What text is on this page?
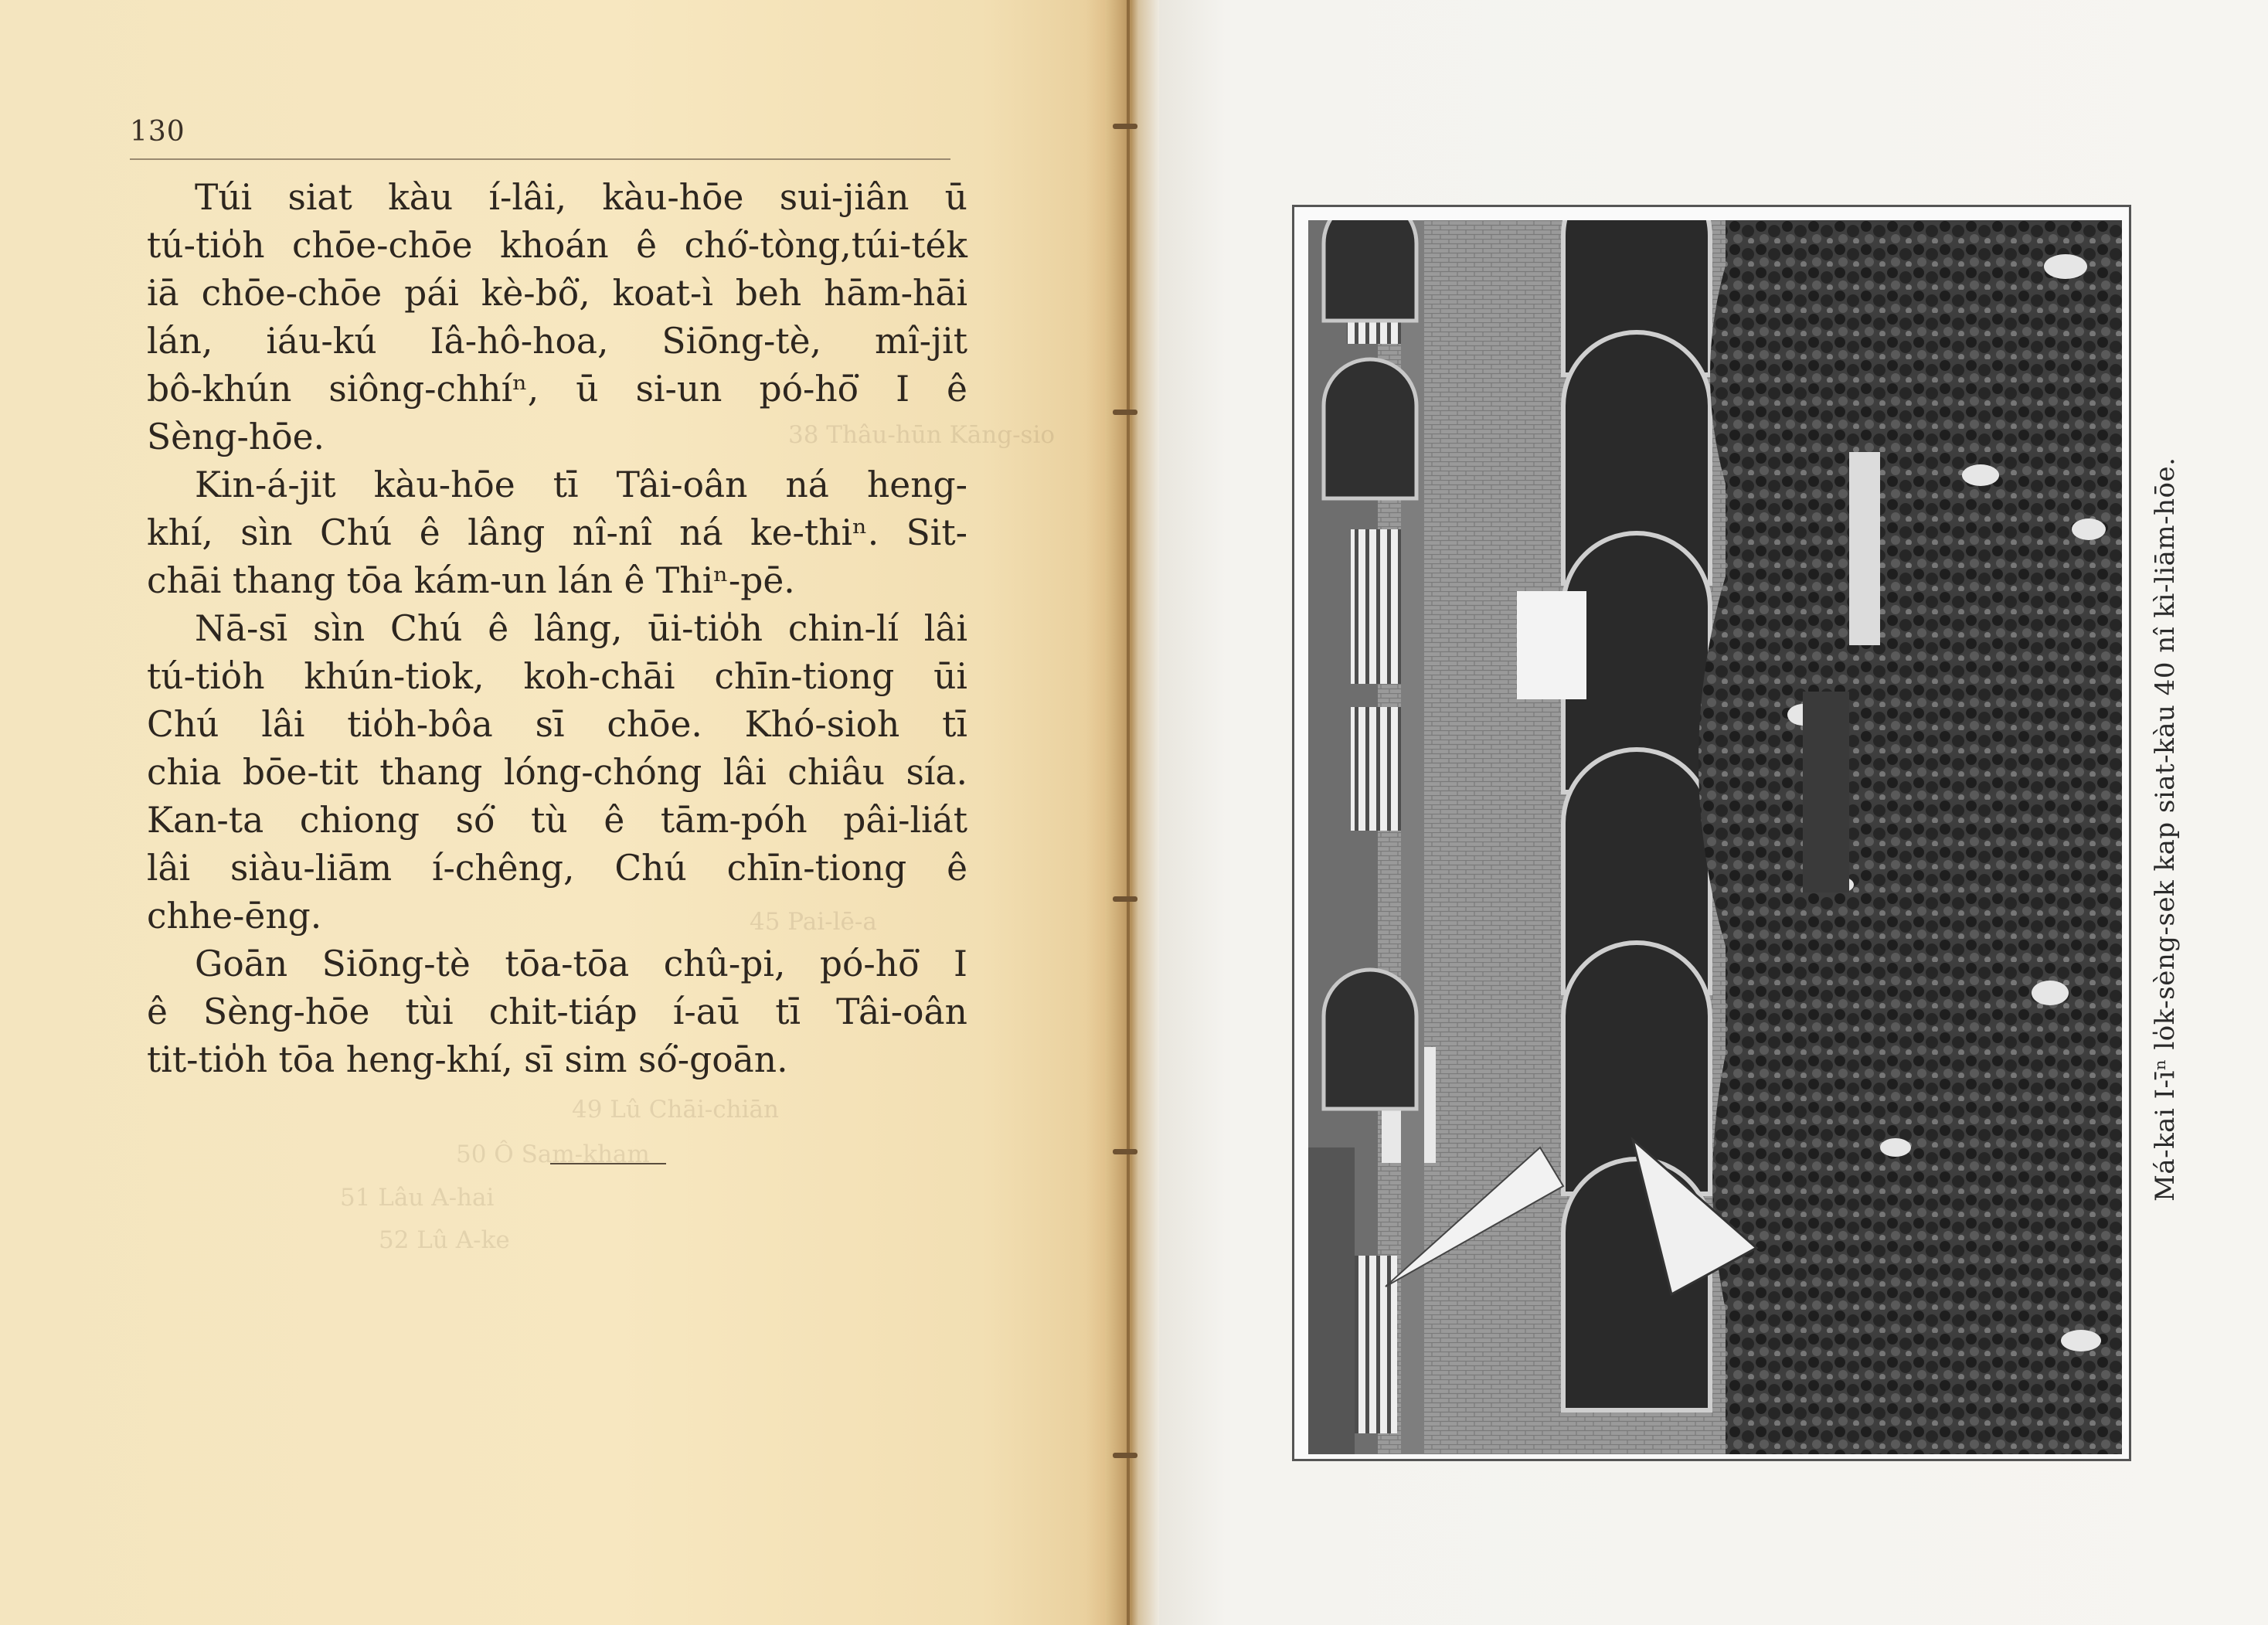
38 Thâu-hūn Kāng-sio
45 Pai-lē-a
49 Lû Chāi-chiān
50 Ô Sam-kham
51 Lâu A-hai
52 Lû A-ke
130
Túi siat kàu í-lâi, kàu-hōe sui-jiân ū
tú-tio̍h chōe-chōe khoán ê chó͘-tòng,túi-ték
iā chōe-chōe pái kè-bô͘, koat-ì beh hām-hāi
lán, iáu-kú Iâ-hô-hoa, Siōng-tè, mî-jit
bô-khún siông-chhíⁿ, ū si-un pó-hō͘ I ê
Sèng-hōe.
Kin-á-jit kàu-hōe tī Tâi-oân ná heng-
khí, sìn Chú ê lâng nî-nî ná ke-thiⁿ. Sit-
chāi thang tōa kám-un lán ê Thiⁿ-pē.
Nā-sī sìn Chú ê lâng, ūi-tio̍h chin-lí lâi
tú-tio̍h khún-tiok, koh-chāi chīn-tiong ūi
Chú lâi tio̍h-bôa sī chōe. Khó-sioh tī
chia bōe-tit thang lóng-chóng lâi chiâu sía.
Kan-ta chiong só͘ tù ê tām-póh pâi-liát
lâi siàu-liām í-chêng, Chú chīn-tiong ê
chhe-ēng.
Goān Siōng-tè tōa-tōa chû-pi, pó-hō͘ I
ê Sèng-hōe tùi chit-tiáp í-aū tī Tâi-oân
tit-tio̍h tōa heng-khí, sī sim só͘-goān.	Má-kai I-īⁿ lo̍k-sèng-sek kap siat-kàu 40 nî kì-liām-hōe.
